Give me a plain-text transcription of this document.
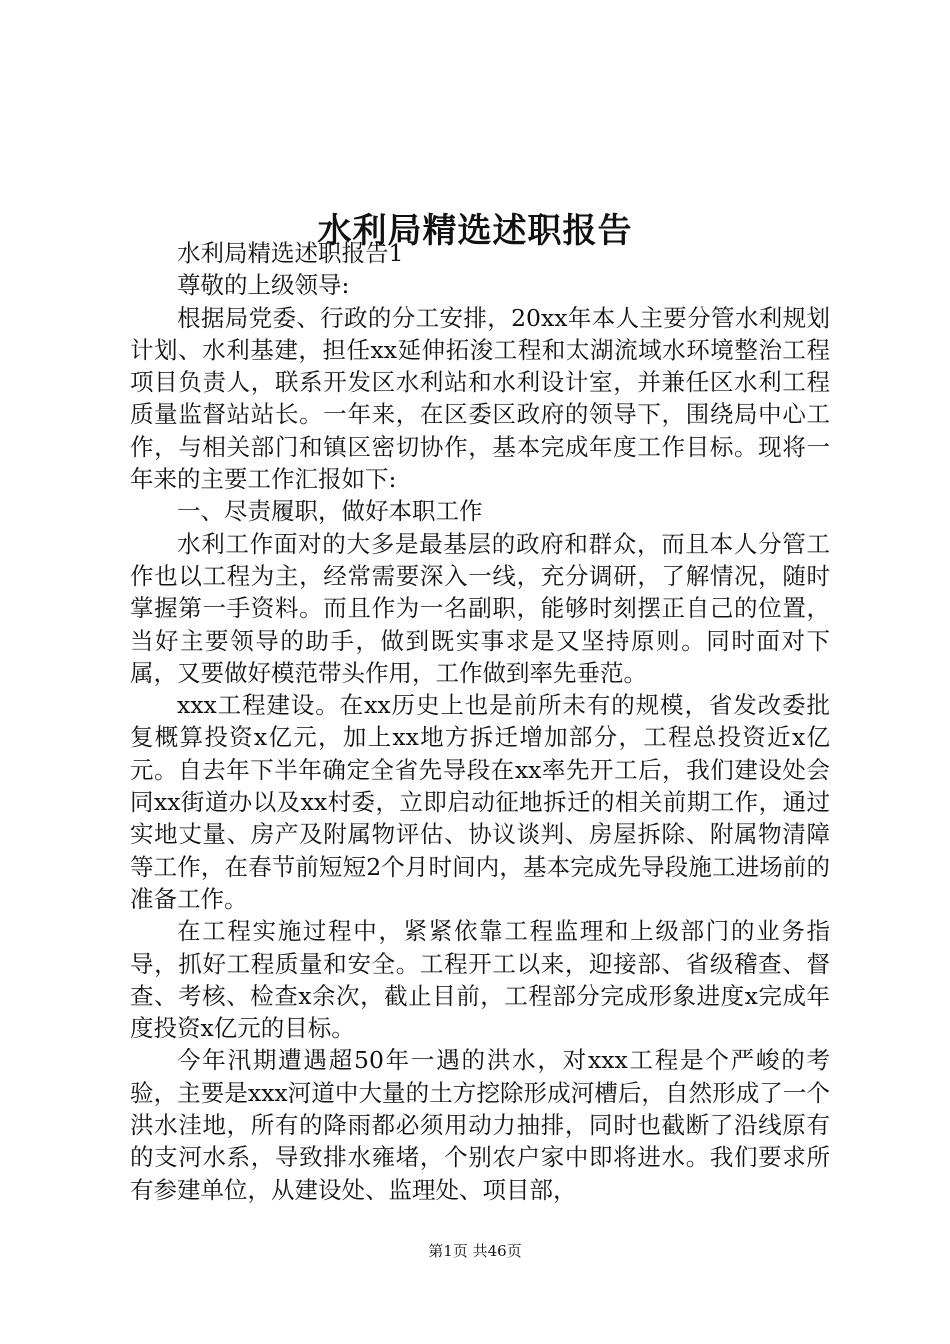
水利局精选述职报告

水利局精选述职报告1

尊敬的上级领导:

根据局党委、行政的分工安排，20xx年本人主要分管水利规划计划、水利基建，担任xx延伸拓浚工程和太湖流域水环境整治工程项目负责人，联系开发区水利站和水利设计室，并兼任区水利工程质量监督站站长。一年来，在区委区政府的领导下，围绕局中心工作，与相关部门和镇区密切协作，基本完成年度工作目标。现将一年来的主要工作汇报如下:

一、尽责履职，做好本职工作

水利工作面对的大多是最基层的政府和群众，而且本人分管工作也以工程为主，经常需要深入一线，充分调研，了解情况，随时掌握第一手资料。而且作为一名副职，能够时刻摆正自己的位置，当好主要领导的助手，做到既实事求是又坚持原则。同时面对下属，又要做好模范带头作用，工作做到率先垂范。

xxx工程建设。在xx历史上也是前所未有的规模，省发改委批复概算投资x亿元，加上xx地方拆迁增加部分，工程总投资近x亿元。自去年下半年确定全省先导段在xx率先开工后，我们建设处会同xx街道办以及xx村委，立即启动征地拆迁的相关前期工作，通过实地丈量、房产及附属物评估、协议谈判、房屋拆除、附属物清障等工作，在春节前短短2个月时间内，基本完成先导段施工进场前的准备工作。

在工程实施过程中，紧紧依靠工程监理和上级部门的业务指导，抓好工程质量和安全。工程开工以来，迎接部、省级稽查、督查、考核、检查x余次，截止目前，工程部分完成形象进度x完成年度投资x亿元的目标。

今年汛期遭遇超50年一遇的洪水，对xxx工程是个严峻的考验，主要是xxx河道中大量的土方挖除形成河槽后，自然形成了一个洪水洼地，所有的降雨都必须用动力抽排，同时也截断了沿线原有的支河水系，导致排水雍堵，个别农户家中即将进水。我们要求所有参建单位，从建设处、监理处、项目部，

第1页 共46页
